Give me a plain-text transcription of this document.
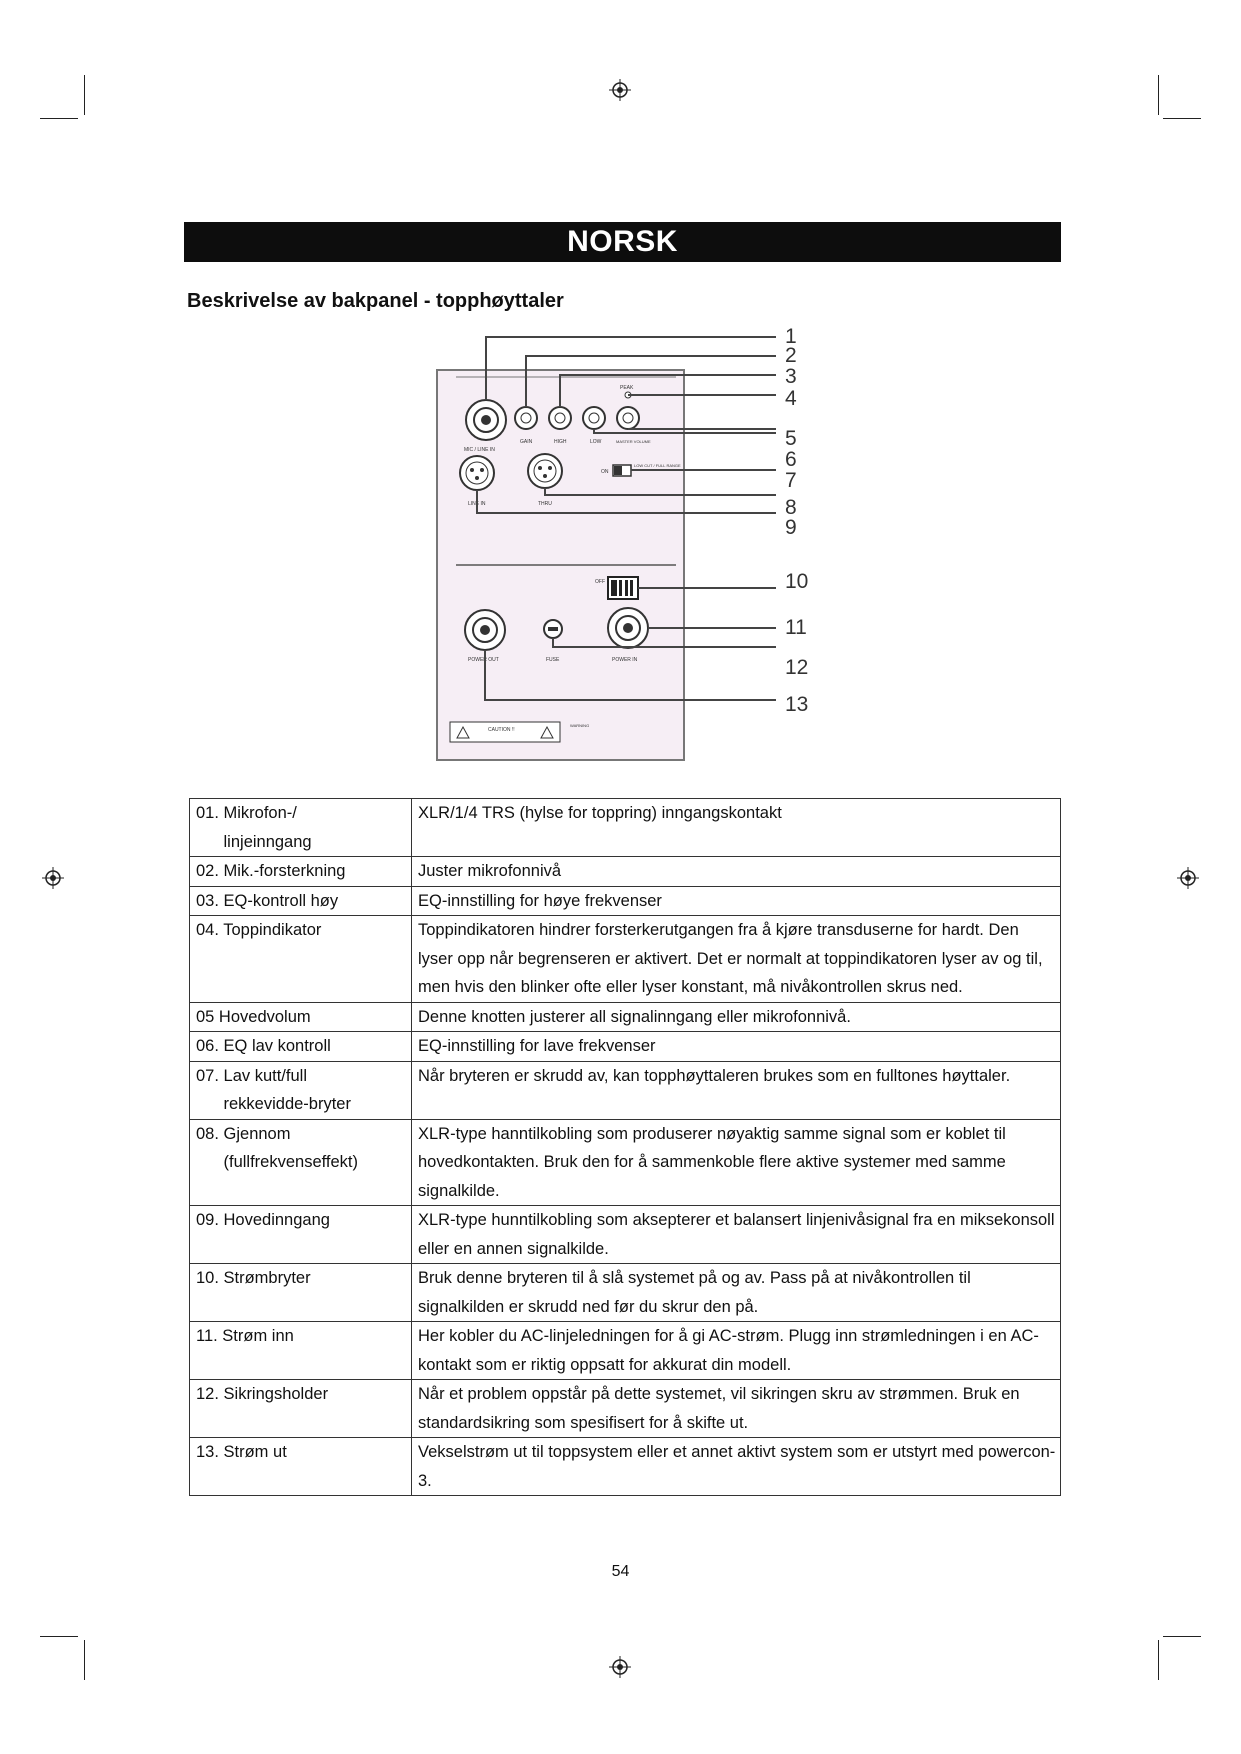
NORSK
Beskrivelse av bakpanel - topphøyttaler
MIC / LINE IN
PEAK
GAIN	HIGH	LOW	MASTER VOLUME
LINE IN	THRU
ON
LOW CUT / FULL RANGE
OFF
POWER OUT	FUSE	POWER IN
CAUTION !!
WARNING
1
2
3
4
5
6
7
8
9
10
11
12
13
01. Mikrofon-/
linjeinngang	XLR/1/4 TRS (hylse for toppring) inngangskontakt
02. Mik.-forsterkning	Juster mikrofonnivå
03. EQ-kontroll høy	EQ-innstilling for høye frekvenser
04. Toppindikator	Toppindikatoren hindrer forsterkerutgangen fra å kjøre transduserne for hardt. Den lyser opp når begrenseren er aktivert. Det er normalt at toppindikatoren lyser av og til, men hvis den blinker ofte eller lyser konstant, må nivåkontrollen skrus ned.
05 Hovedvolum	Denne knotten justerer all signalinngang eller mikrofonnivå.
06. EQ lav kontroll	EQ-innstilling for lave frekvenser
07. Lav kutt/full
rekkevidde-bryter	Når bryteren er skrudd av, kan topphøyttaleren brukes som en fulltones høyttaler.
08. Gjennom
(fullfrekvenseffekt)	XLR-type hanntilkobling som produserer nøyaktig samme signal som er koblet til hovedkontakten. Bruk den for å sammenkoble flere aktive systemer med samme signalkilde.
09. Hovedinngang	XLR-type hunntilkobling som aksepterer et balansert linjenivåsignal fra en miksekonsoll eller en annen signalkilde.
10. Strømbryter	Bruk denne bryteren til å slå systemet på og av. Pass på at nivåkontrollen til signalkilden er skrudd ned før du skrur den på.
11. Strøm inn	Her kobler du AC-linjeledningen for å gi AC-strøm. Plugg inn strømledningen i en AC-kontakt som er riktig oppsatt for akkurat din modell.
12. Sikringsholder	Når et problem oppstår på dette systemet, vil sikringen skru av strømmen. Bruk en standardsikring som spesifisert for å skifte ut.
13. Strøm ut	Vekselstrøm ut til toppsystem eller et annet aktivt system som er utstyrt med powercon-3.
54
